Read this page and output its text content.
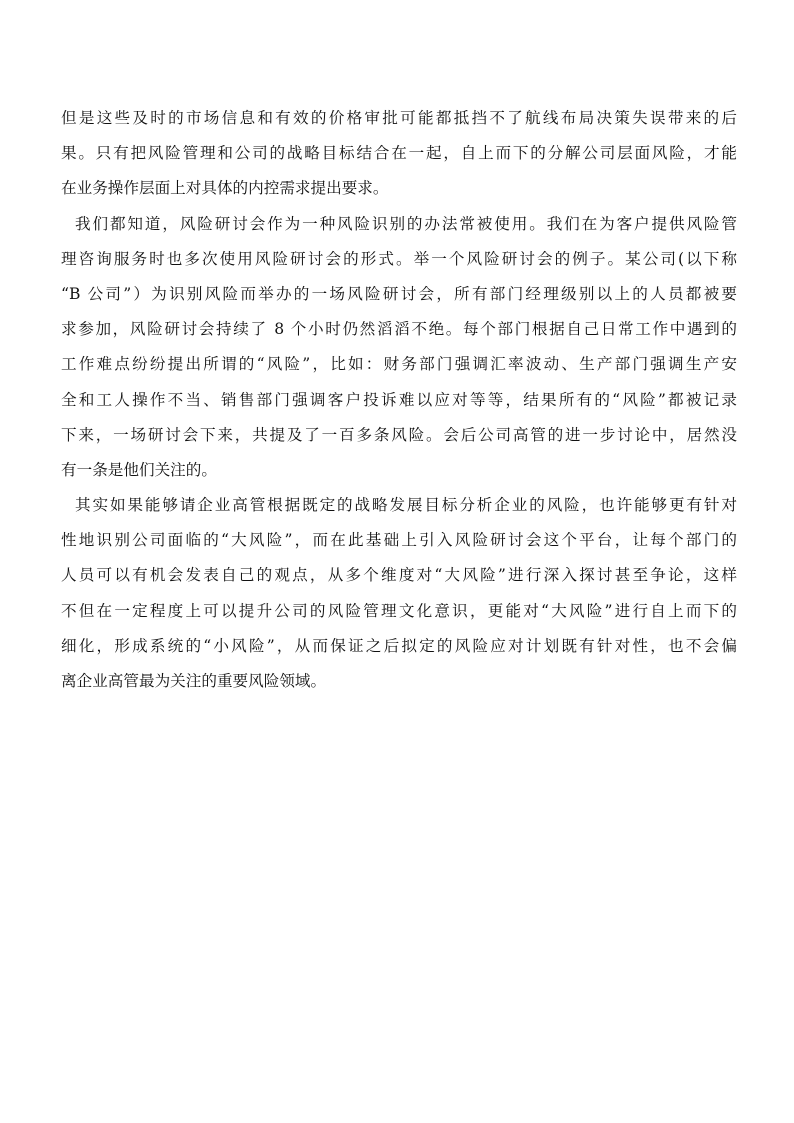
但是这些及时的市场信息和有效的价格审批可能都抵挡不了航线布局决策失误带来的后
果。只有把风险管理和公司的战略目标结合在一起，自上而下的分解公司层面风险，才能
在业务操作层面上对具体的内控需求提出要求。
我们都知道，风险研讨会作为一种风险识别的办法常被使用。我们在为客户提供风险管
理咨询服务时也多次使用风险研讨会的形式。举一个风险研讨会的例子。某公司(以下称
“B 公司”）为识别风险而举办的一场风险研讨会，所有部门经理级别以上的人员都被要
求参加，风险研讨会持续了 8 个小时仍然滔滔不绝。每个部门根据自己日常工作中遇到的
工作难点纷纷提出所谓的“风险”，比如：财务部门强调汇率波动、生产部门强调生产安
全和工人操作不当、销售部门强调客户投诉难以应对等等，结果所有的“风险”都被记录
下来，一场研讨会下来，共提及了一百多条风险。会后公司高管的进一步讨论中，居然没
有一条是他们关注的。
其实如果能够请企业高管根据既定的战略发展目标分析企业的风险，也许能够更有针对
性地识别公司面临的“大风险”，而在此基础上引入风险研讨会这个平台，让每个部门的
人员可以有机会发表自己的观点，从多个维度对“大风险”进行深入探讨甚至争论，这样
不但在一定程度上可以提升公司的风险管理文化意识，更能对“大风险”进行自上而下的
细化，形成系统的“小风险”，从而保证之后拟定的风险应对计划既有针对性，也不会偏
离企业高管最为关注的重要风险领域。
